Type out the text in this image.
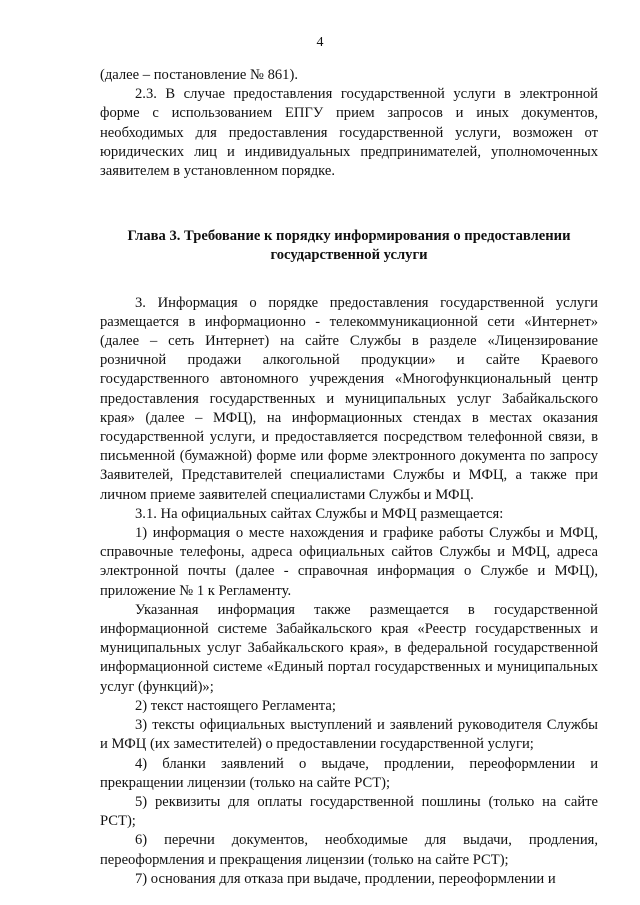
4

(далее – постановление № 861).

2.3. В случае предоставления государственной услуги в электронной форме с использованием ЕПГУ прием запросов и иных документов, необходимых для предоставления государственной услуги, возможен от юридических лиц и индивидуальных предпринимателей, уполномоченных заявителем в установленном порядке.

Глава 3. Требование к порядку информирования о предоставлении государственной услуги

3. Информация о порядке предоставления государственной услуги размещается в информационно - телекоммуникационной сети «Интернет» (далее – сеть Интернет) на сайте Службы в разделе «Лицензирование розничной продажи алкогольной продукции» и сайте Краевого государственного автономного учреждения «Многофункциональный центр предоставления государственных и муниципальных услуг Забайкальского края» (далее – МФЦ), на информационных стендах в местах оказания государственной услуги, и предоставляется посредством телефонной связи, в письменной (бумажной) форме или форме электронного документа по запросу Заявителей, Представителей специалистами Службы и МФЦ, а также при личном приеме заявителей специалистами Службы и МФЦ.

3.1. На официальных сайтах Службы и МФЦ размещается:

1) информация о месте нахождения и графике работы Службы и МФЦ, справочные телефоны, адреса официальных сайтов Службы и МФЦ, адреса электронной почты (далее - справочная информация о Службе и МФЦ), приложение № 1 к Регламенту.

Указанная информация также размещается в государственной информационной системе Забайкальского края «Реестр государственных и муниципальных услуг Забайкальского края», в федеральной государственной информационной системе «Единый портал государственных и муниципальных услуг (функций)»;

2) текст настоящего Регламента;

3) тексты официальных выступлений и заявлений руководителя Службы и МФЦ (их заместителей) о предоставлении государственной услуги;

4) бланки заявлений о выдаче, продлении, переоформлении и прекращении лицензии (только на сайте РСТ);

5) реквизиты для оплаты государственной пошлины (только на сайте РСТ);

6) перечни документов, необходимые для выдачи, продления, переоформления и прекращения лицензии (только на сайте РСТ);

7) основания для отказа при выдаче, продлении, переоформлении и
